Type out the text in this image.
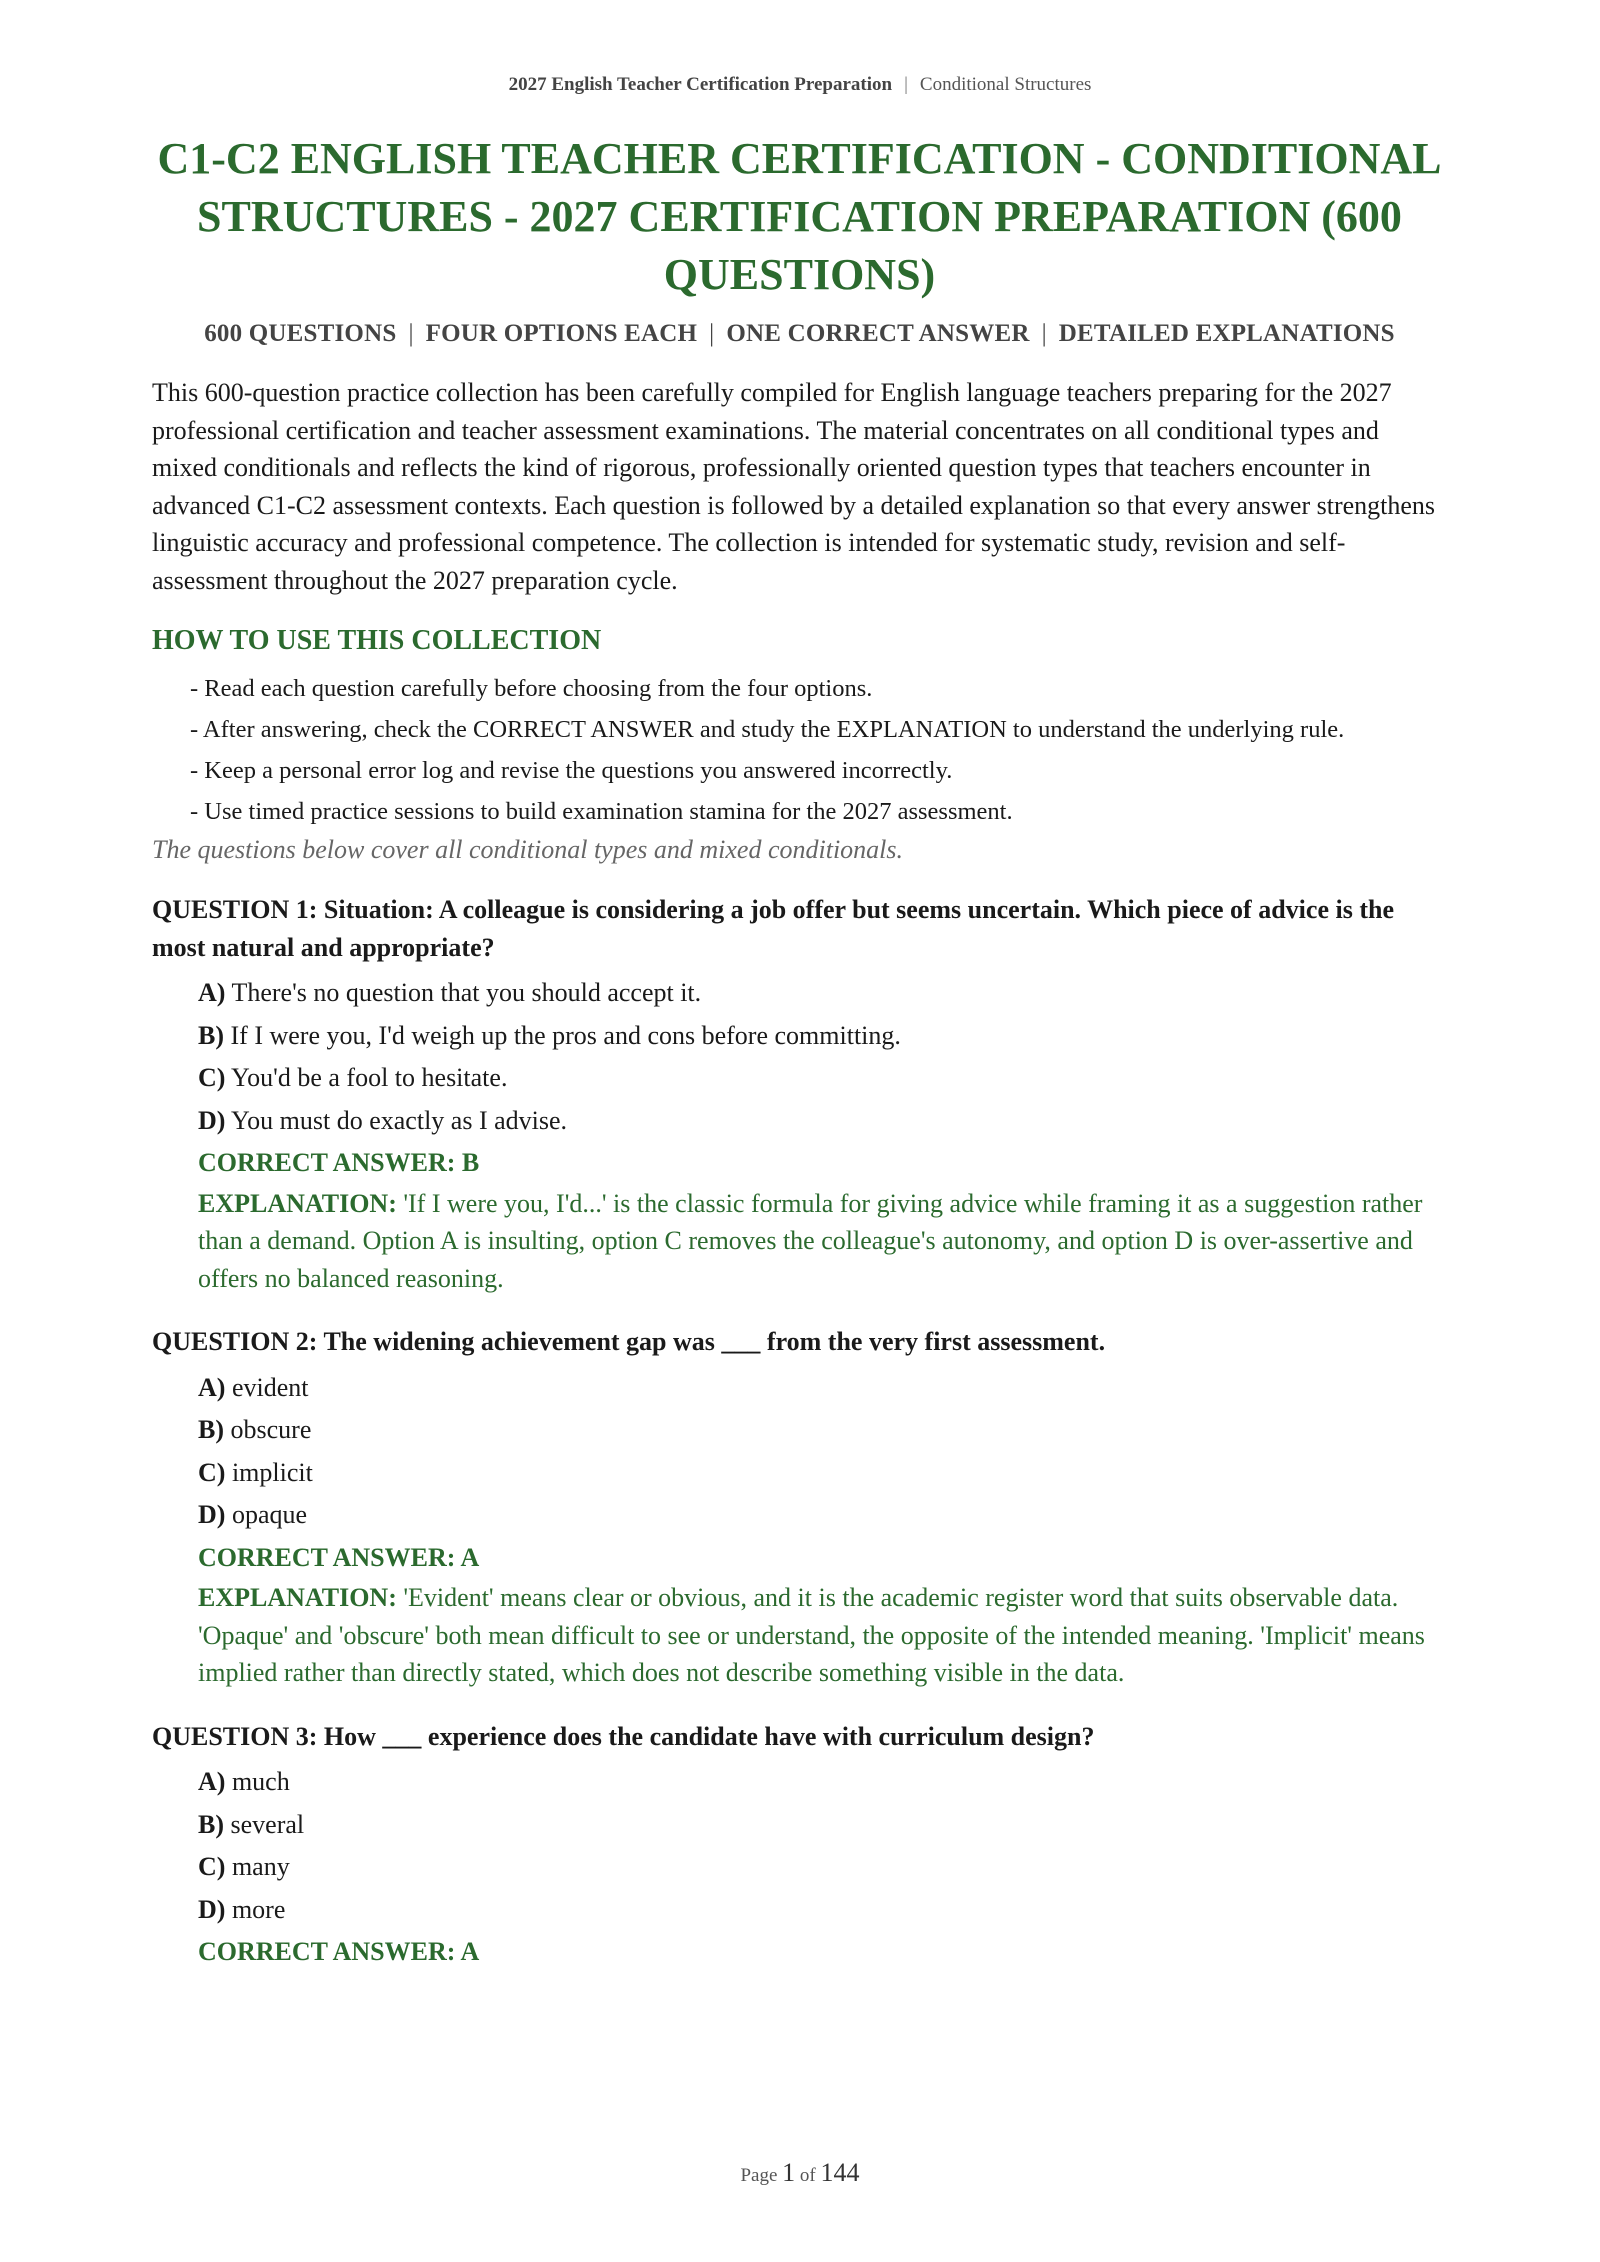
2027 English Teacher Certification Preparation | Conditional Structures
C1-C2 ENGLISH TEACHER CERTIFICATION - CONDITIONAL STRUCTURES - 2027 CERTIFICATION PREPARATION (600 QUESTIONS)
600 QUESTIONS | FOUR OPTIONS EACH | ONE CORRECT ANSWER | DETAILED EXPLANATIONS

This 600-question practice collection has been carefully compiled for English language teachers preparing for the 2027 professional certification and teacher assessment examinations. The material concentrates on all conditional types and mixed conditionals and reflects the kind of rigorous, professionally oriented question types that teachers encounter in advanced C1-C2 assessment contexts. Each question is followed by a detailed explanation so that every answer strengthens linguistic accuracy and professional competence. The collection is intended for systematic study, revision and self-assessment throughout the 2027 preparation cycle.

HOW TO USE THIS COLLECTION
- Read each question carefully before choosing from the four options.
- After answering, check the CORRECT ANSWER and study the EXPLANATION to understand the underlying rule.
- Keep a personal error log and revise the questions you answered incorrectly.
- Use timed practice sessions to build examination stamina for the 2027 assessment.
The questions below cover all conditional types and mixed conditionals.
QUESTION 1: Situation: A colleague is considering a job offer but seems uncertain. Which piece of advice is the most natural and appropriate?
A) There's no question that you should accept it.
B) If I were you, I'd weigh up the pros and cons before committing.
C) You'd be a fool to hesitate.
D) You must do exactly as I advise.
CORRECT ANSWER: B
EXPLANATION: 'If I were you, I'd...' is the classic formula for giving advice while framing it as a suggestion rather than a demand. Option A is insulting, option C removes the colleague's autonomy, and option D is over-assertive and offers no balanced reasoning.
QUESTION 2: The widening achievement gap was ___ from the very first assessment.
A) evident
B) obscure
C) implicit
D) opaque
CORRECT ANSWER: A
EXPLANATION: 'Evident' means clear or obvious, and it is the academic register word that suits observable data. 'Opaque' and 'obscure' both mean difficult to see or understand, the opposite of the intended meaning. 'Implicit' means implied rather than directly stated, which does not describe something visible in the data.
QUESTION 3: How ___ experience does the candidate have with curriculum design?
A) much
B) several
C) many
D) more
CORRECT ANSWER: A
Page 1 of 144
